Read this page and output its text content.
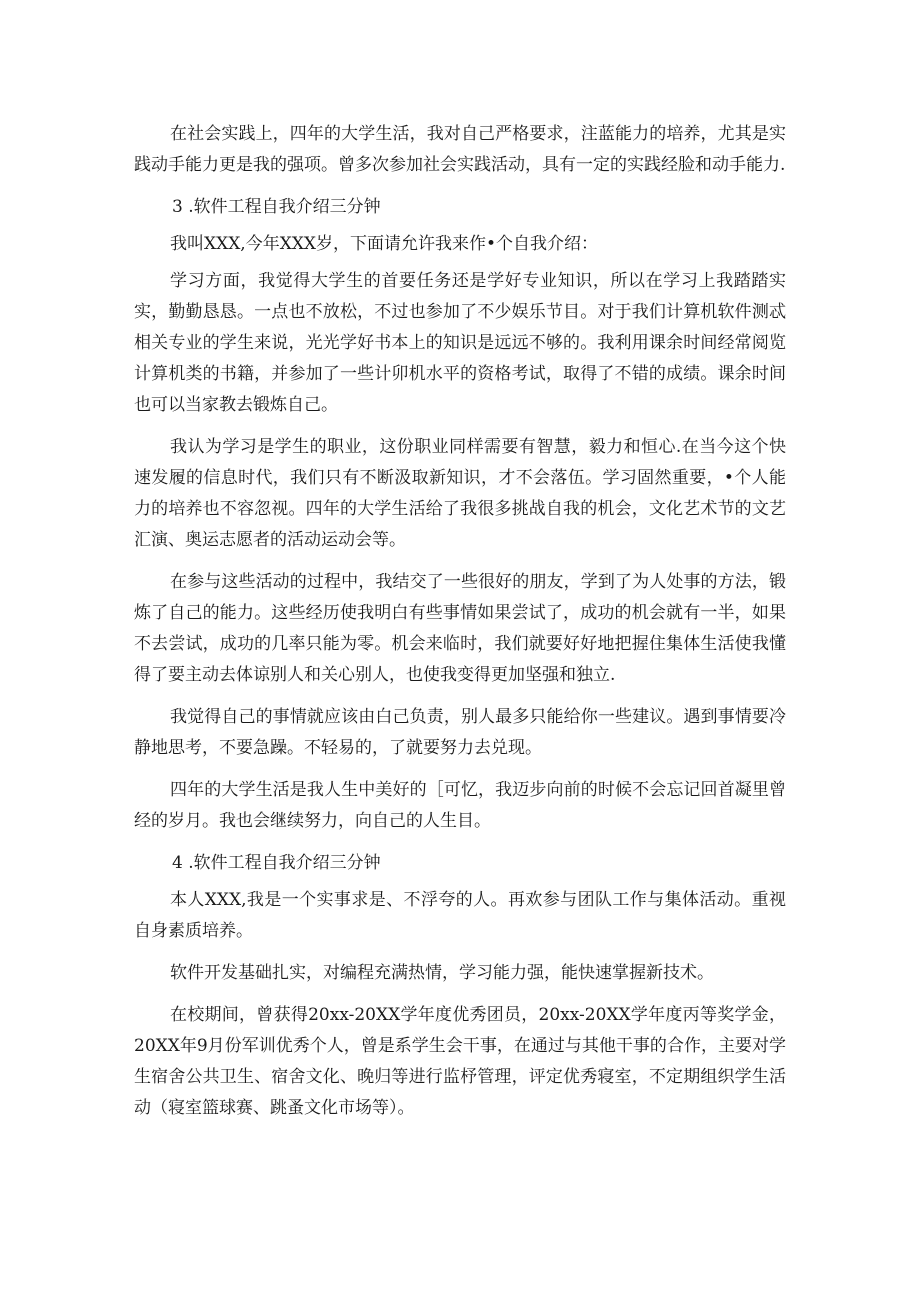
在社会实践上，四年的大学生活，我对自己严格要求，注蓝能力的培养，尤其是实践动手能力更是我的强项。曾多次参加社会实践活动，具有一定的实践经脸和动手能力.

3 .软件工程自我介绍三分钟

我叫XXX,今年XXX岁，下面请允许我来作•个自我介绍：

学习方面，我觉得大学生的首要任务还是学好专业知识，所以在学习上我踏踏实实，勤勤恳恳。一点也不放松，不过也参加了不少娱乐节目。对于我们计算机软件测忒相关专业的学生来说，光光学好书本上的知识是远远不够的。我利用课余时间经常阅览计算机类的书籍，并参加了一些计卯机水平的资格考试，取得了不错的成绩。课余时间也可以当家教去锻炼自己。

我认为学习是学生的职业，这份职业同样需要有智慧，毅力和恒心.在当今这个快速发履的信息时代，我们只有不断汲取新知识，才不会落伍。学习固然重要，•个人能力的培养也不容忽视。四年的大学生活给了我很多挑战自我的机会，文化艺术节的文艺汇演、奥运志愿者的活动运动会等。

在参与这些活动的过程中，我结交了一些很好的朋友，学到了为人处事的方法，锻炼了自己的能力。这些经历使我明白有些事情如果尝试了，成功的机会就有一半，如果不去尝试，成功的几率只能为零。机会来临时，我们就要好好地把握住集体生活使我懂得了要主动去体谅别人和关心别人，也使我变得更加坚强和独立.

我觉得自己的事情就应该由白己负责，别人最多只能给你一些建议。遇到事情要冷静地思考，不要急躁。不轻易的，了就要努力去兑现。

四年的大学生活是我人生中美好的［可忆，我迈步向前的时候不会忘记回首凝里曾经的岁月。我也会继续努力，向自己的人生目。

4 .软件工程自我介绍三分钟

本人XXX,我是一个实事求是、不浮夸的人。再欢参与团队工作与集体活动。重视自身素质培养。

软件开发基础扎实，对编程充满热情，学习能力强，能快速掌握新技术。

在校期间，曾获得20xx-20XX学年度优秀团员，20xx-20XX学年度丙等奖学金，20XX年9月份军训优秀个人，曾是系学生会干事，在通过与其他干事的合作，主要对学生宿舍公共卫生、宿舍文化、晚归等进行监杼管理，评定优秀寝室，不定期组织学生活动（寝室篮球赛、跳蚤文化市场等）。
